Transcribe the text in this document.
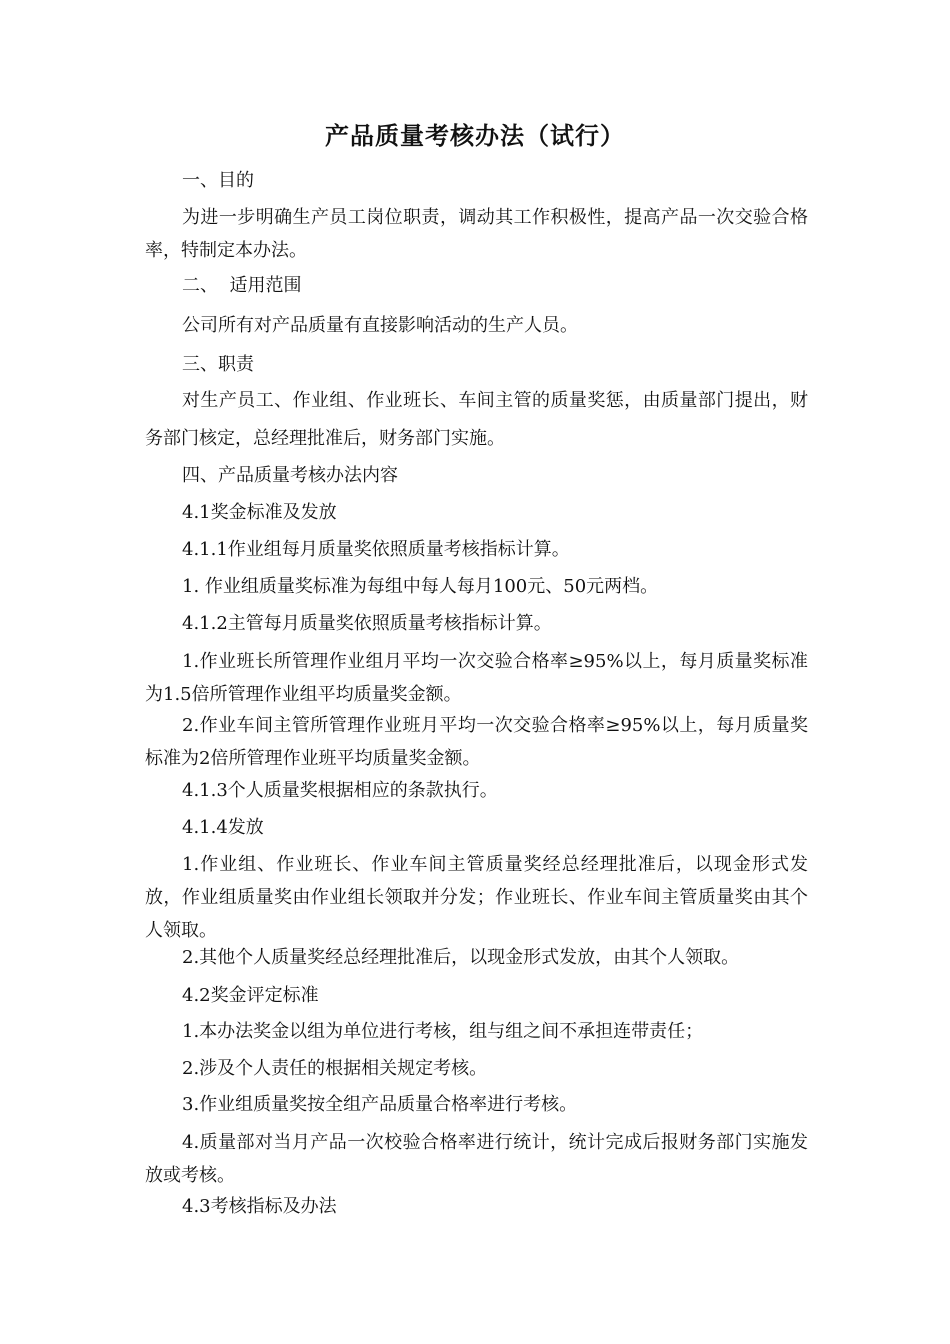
产品质量考核办法（试行）

一、目的

为进一步明确生产员工岗位职责，调动其工作积极性，提高产品一次交验合格率，特制定本办法。

二、  适用范围

公司所有对产品质量有直接影响活动的生产人员。

三、职责

对生产员工、作业组、作业班长、车间主管的质量奖惩，由质量部门提出，财务部门核定，总经理批准后，财务部门实施。

四、产品质量考核办法内容

4.1奖金标准及发放

4.1.1作业组每月质量奖依照质量考核指标计算。

1. 作业组质量奖标准为每组中每人每月100元、50元两档。

4.1.2主管每月质量奖依照质量考核指标计算。

1.作业班长所管理作业组月平均一次交验合格率≥95%以上，每月质量奖标准为1.5倍所管理作业组平均质量奖金额。

2.作业车间主管所管理作业班月平均一次交验合格率≥95%以上，每月质量奖标准为2倍所管理作业班平均质量奖金额。

4.1.3个人质量奖根据相应的条款执行。

4.1.4发放

1.作业组、作业班长、作业车间主管质量奖经总经理批准后，以现金形式发放，作业组质量奖由作业组长领取并分发；作业班长、作业车间主管质量奖由其个人领取。

2.其他个人质量奖经总经理批准后，以现金形式发放，由其个人领取。

4.2奖金评定标准

1.本办法奖金以组为单位进行考核，组与组之间不承担连带责任；

2.涉及个人责任的根据相关规定考核。

3.作业组质量奖按全组产品质量合格率进行考核。

4.质量部对当月产品一次校验合格率进行统计，统计完成后报财务部门实施发放或考核。

4.3考核指标及办法
